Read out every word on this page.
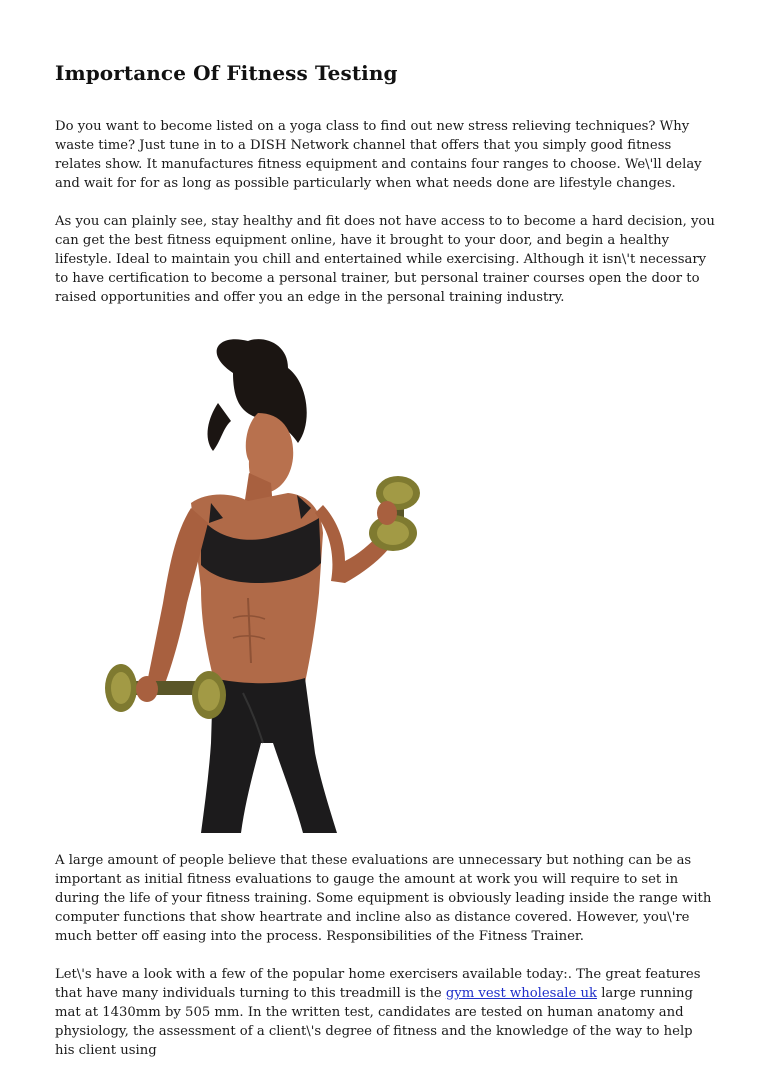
Importance Of Fitness Testing

Do you want to become listed on a yoga class to find out new stress relieving techniques? Why waste time? Just tune in to a DISH Network channel that offers that you simply good fitness relates show. It manufactures fitness equipment and contains four ranges to choose. We\'ll delay and wait for for as long as possible particularly when what needs done are lifestyle changes.

As you can plainly see, stay healthy and fit does not have access to to become a hard decision, you can get the best fitness equipment online, have it brought to your door, and begin a healthy lifestyle. Ideal to maintain you chill and entertained while exercising. Although it isn\'t necessary to have certification to become a personal trainer, but personal trainer courses open the door to raised opportunities and offer you an edge in the personal training industry.

A large amount of people believe that these evaluations are unnecessary but nothing can be as important as initial fitness evaluations to gauge the amount at work you will require to set in during the life of your fitness training. Some equipment is obviously leading inside the range with computer functions that show heartrate and incline also as distance covered. However, you\'re much better off easing into the process. Responsibilities of the Fitness Trainer.

Let\'s have a look with a few of the popular home exercisers available today:. The great features that have many individuals turning to this treadmill is the gym vest wholesale uk large running mat at 1430mm by 505 mm. In the written test, candidates are tested on human anatomy and physiology, the assessment of a client\'s degree of fitness and the knowledge of the way to help his client using
